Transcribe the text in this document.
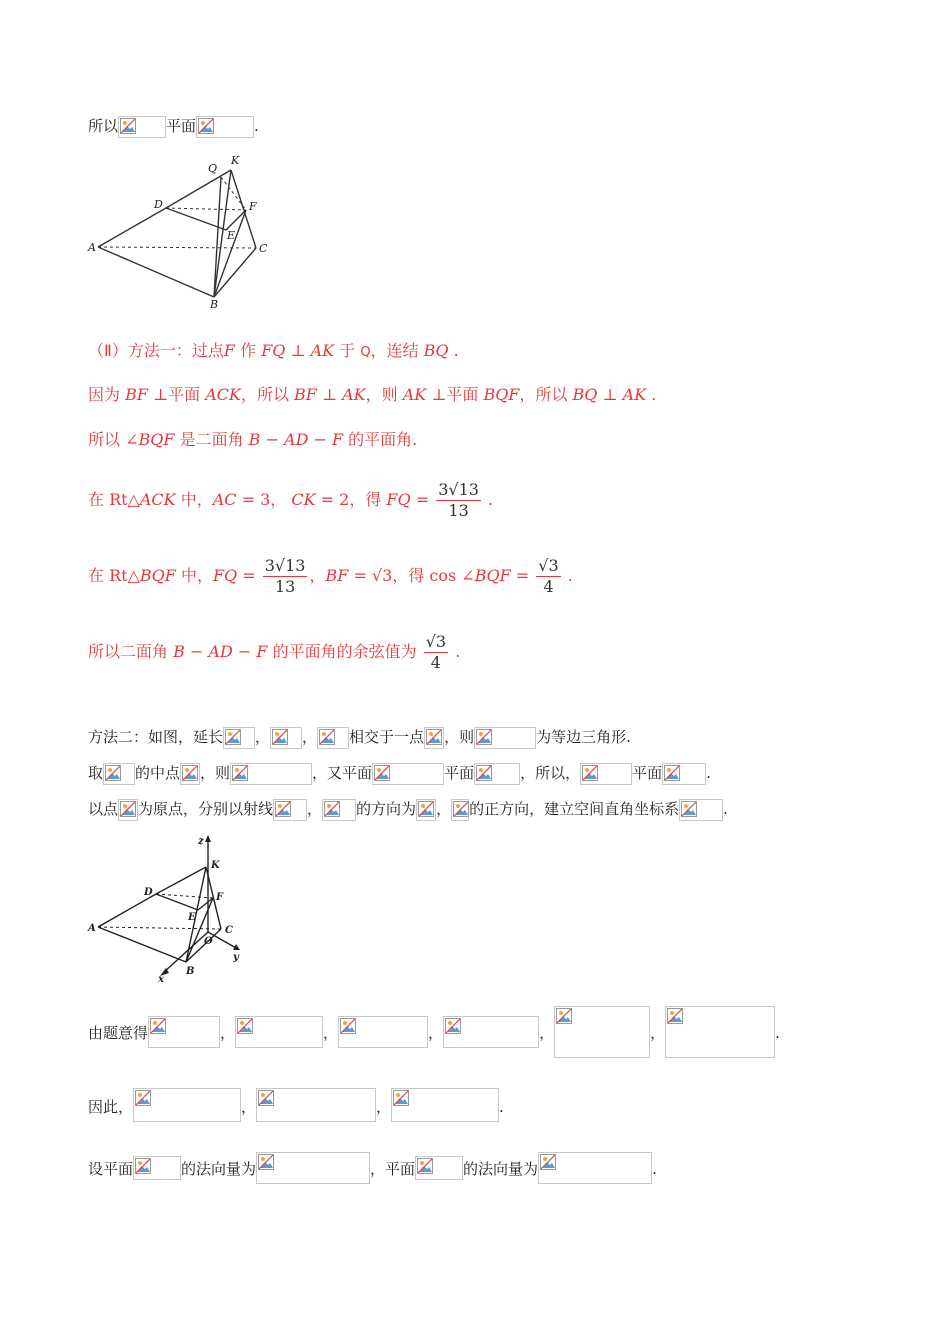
所以	平面	.
Q
K
D	F
E
A	C
B
（Ⅱ）方法一：过点F 作 FQ ⊥ AK 于 Q，连结 BQ .
因为 BF ⊥平面 ACK，所以 BF ⊥ AK，则 AK ⊥平面 BQF，所以 BQ ⊥ AK .
所以 ∠BQF 是二面角 B − AD − F 的平面角.
在 Rt△ACK 中，AC = 3， CK = 2，得 FQ = $\frac{3√13}{13}$ .
在 Rt△BQF 中，FQ = $\frac{3√13}{13}$ ，BF = √3，得 cos ∠BQF = $\frac{√3}{4}$ .
所以二面角 B − AD − F 的平面角的余弦值为 $\frac{√3}{4}$ .
方法二：如图，延长 ， ， 相交于一点 ，则	为等边三角形.
取 的中点 ，则	，又平面	平面	，所以，	平面	.
以点 为原点，分别以射线 ， 的方向为 ， 的正方向，建立空间直角坐标系	.
z
K
D	F
E
A	C
O
y
B
x
由题意得	，	，	，	，	，	.
因此，	，	，	.
设平面	的法向量为	，平面	的法向量为	.
